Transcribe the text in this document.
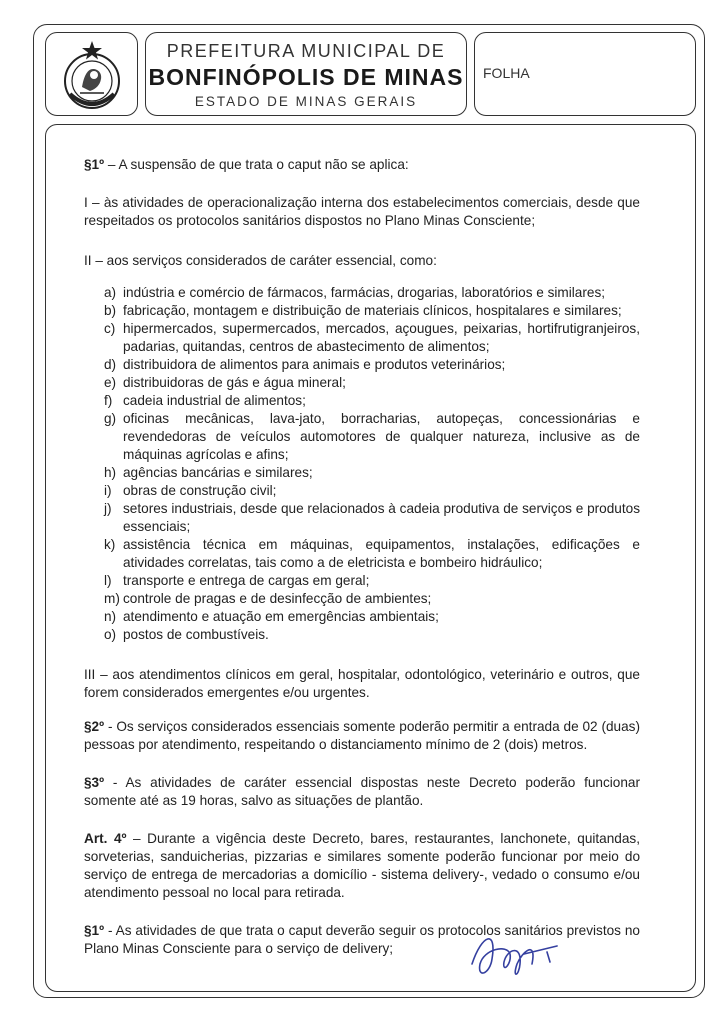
PREFEITURA MUNICIPAL DE
BONFINÓPOLIS DE MINAS
ESTADO DE MINAS GERAIS
FOLHA

§1º – A suspensão de que trata o caput não se aplica:

I – às atividades de operacionalização interna dos estabelecimentos comerciais, desde que respeitados os protocolos sanitários dispostos no Plano Minas Consciente;

II – aos serviços considerados de caráter essencial, como:

a) indústria e comércio de fármacos, farmácias, drogarias, laboratórios e similares;
b) fabricação, montagem e distribuição de materiais clínicos, hospitalares e similares;
c) hipermercados, supermercados, mercados, açougues, peixarias, hortifrutigranjeiros, padarias, quitandas, centros de abastecimento de alimentos;
d) distribuidora de alimentos para animais e produtos veterinários;
e) distribuidoras de gás e água mineral;
f) cadeia industrial de alimentos;
g) oficinas mecânicas, lava-jato, borracharias, autopeças, concessionárias e revendedoras de veículos automotores de qualquer natureza, inclusive as de máquinas agrícolas e afins;
h) agências bancárias e similares;
i) obras de construção civil;
j) setores industriais, desde que relacionados à cadeia produtiva de serviços e produtos essenciais;
k) assistência técnica em máquinas, equipamentos, instalações, edificações e atividades correlatas, tais como a de eletricista e bombeiro hidráulico;
l) transporte e entrega de cargas em geral;
m) controle de pragas e de desinfecção de ambientes;
n) atendimento e atuação em emergências ambientais;
o) postos de combustíveis.

III – aos atendimentos clínicos em geral, hospitalar, odontológico, veterinário e outros, que forem considerados emergentes e/ou urgentes.

§2º - Os serviços considerados essenciais somente poderão permitir a entrada de 02 (duas) pessoas por atendimento, respeitando o distanciamento mínimo de 2 (dois) metros.

§3º - As atividades de caráter essencial dispostas neste Decreto poderão funcionar somente até as 19 horas, salvo as situações de plantão.

Art. 4º – Durante a vigência deste Decreto, bares, restaurantes, lanchonete, quitandas, sorveterias, sanduicherias, pizzarias e similares somente poderão funcionar por meio do serviço de entrega de mercadorias a domicílio - sistema delivery-, vedado o consumo e/ou atendimento pessoal no local para retirada.

§1º - As atividades de que trata o caput deverão seguir os protocolos sanitários previstos no Plano Minas Consciente para o serviço de delivery;
